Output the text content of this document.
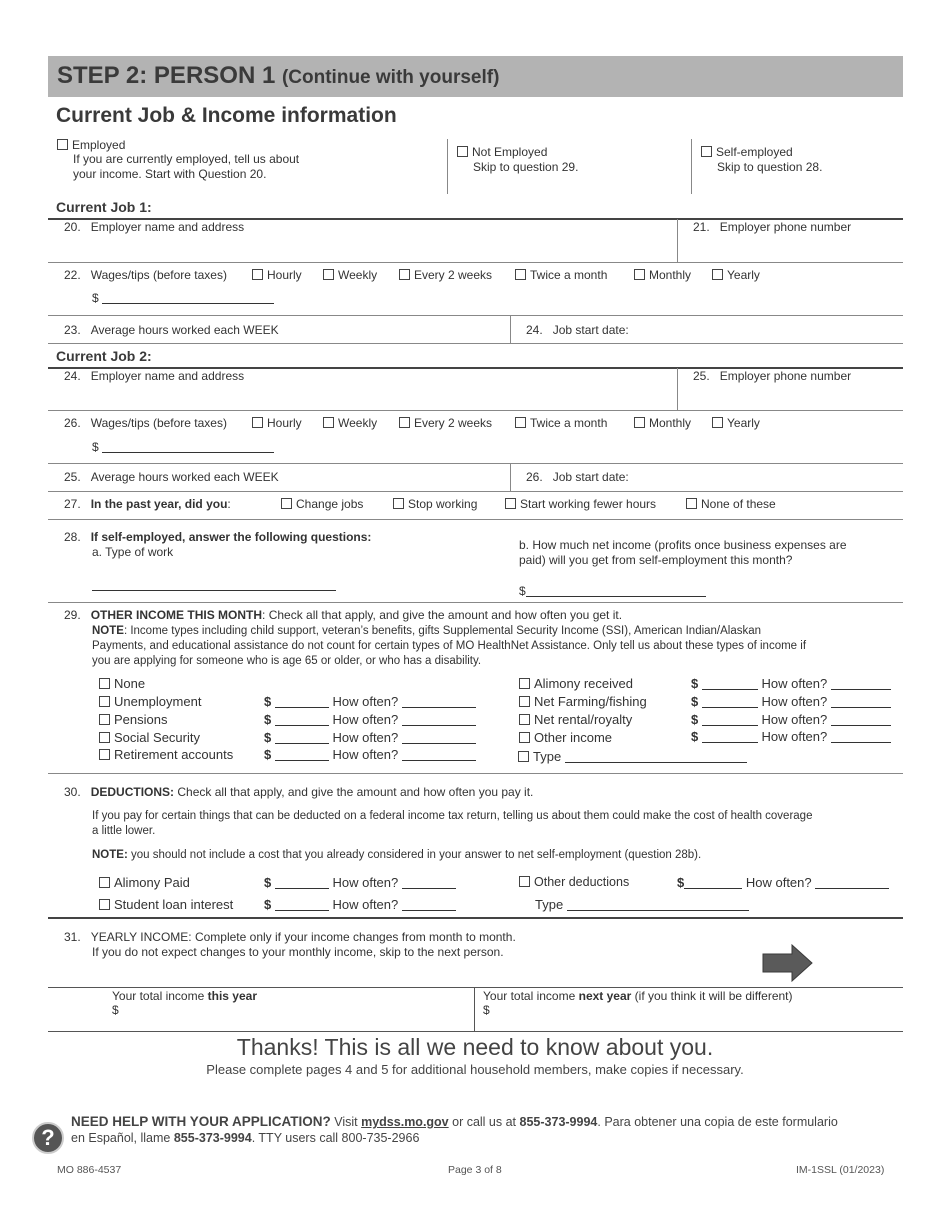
STEP 2: PERSON 1 (Continue with yourself)
Current Job & Income information
Employed
If you are currently employed, tell us about
your income. Start with Question 20.
Not Employed
Skip to question 29.
Self-employed
Skip to question 28.
Current Job 1:
20. Employer name and address	21. Employer phone number
22. Wages/tips (before taxes)	Hourly	Weekly	Every 2 weeks	Twice a month	Monthly	Yearly
$
23. Average hours worked each WEEK	24. Job start date:
Current Job 2:
24. Employer name and address	25. Employer phone number
26. Wages/tips (before taxes)	Hourly	Weekly	Every 2 weeks	Twice a month	Monthly	Yearly
$
25. Average hours worked each WEEK	26. Job start date:
27. In the past year, did you:	Change jobs	Stop working	Start working fewer hours	None of these
28. If self-employed, answer the following questions:
a. Type of work	b. How much net income (profits once business expenses are
paid) will you get from self-employment this month?
$
29. OTHER INCOME THIS MONTH: Check all that apply, and give the amount and how often you get it.
NOTE: Income types including child support, veteran’s benefits, gifts Supplemental Security Income (SSI), American Indian/Alaskan
Payments, and educational assistance do not count for certain types of MO HealthNet Assistance. Only tell us about these types of income if
you are applying for someone who is age 65 or older, or who has a disability.
None
Unemployment	$	How often?
Pensions	$	How often?
Social Security	$	How often?
Retirement accounts $	How often?
Alimony received	$	How often?
Net Farming/fishing	$	How often?
Net rental/royalty	$	How often?
Other income	$	How often?
Type
30. DEDUCTIONS: Check all that apply, and give the amount and how often you pay it.
If you pay for certain things that can be deducted on a federal income tax return, telling us about them could make the cost of health coverage
a little lower.
NOTE: you should not include a cost that you already considered in your answer to net self-employment (question 28b).
Alimony Paid	$	How often?
Student loan interest $	How often?
Other deductions	$	How often?
Type
31. YEARLY INCOME: Complete only if your income changes from month to month.
If you do not expect changes to your monthly income, skip to the next person.
Your total income this year
$
Your total income next year (if you think it will be different)
$
Thanks! This is all we need to know about you.
Please complete pages 4 and 5 for additional household members, make copies if necessary.
?
NEED HELP WITH YOUR APPLICATION? Visit mydss.mo.gov or call us at 855-373-9994. Para obtener una copia de este formulario
en Español, llame 855-373-9994. TTY users call 800-735-2966
MO 886-4537	Page 3 of 8	IM-1SSL (01/2023)
